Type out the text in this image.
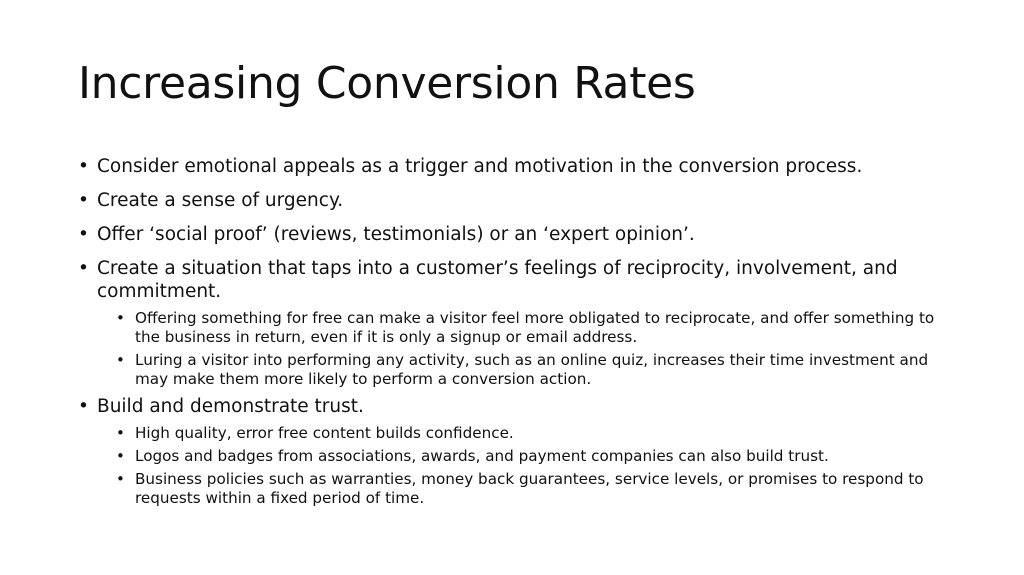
Increasing Conversion Rates
• Consider emotional appeals as a trigger and motivation in the conversion process.
• Create a sense of urgency.
• Offer ‘social proof’ (reviews, testimonials) or an ‘expert opinion’.
• Create a situation that taps into a customer’s feelings of reciprocity, involvement, and commitment.
• Offering something for free can make a visitor feel more obligated to reciprocate, and offer something to the business in return, even if it is only a signup or email address.
• Luring a visitor into performing any activity, such as an online quiz, increases their time investment and may make them more likely to perform a conversion action.
• Build and demonstrate trust.
• High quality, error free content builds confidence.
• Logos and badges from associations, awards, and payment companies can also build trust.
• Business policies such as warranties, money back guarantees, service levels, or promises to respond to requests within a fixed period of time.
